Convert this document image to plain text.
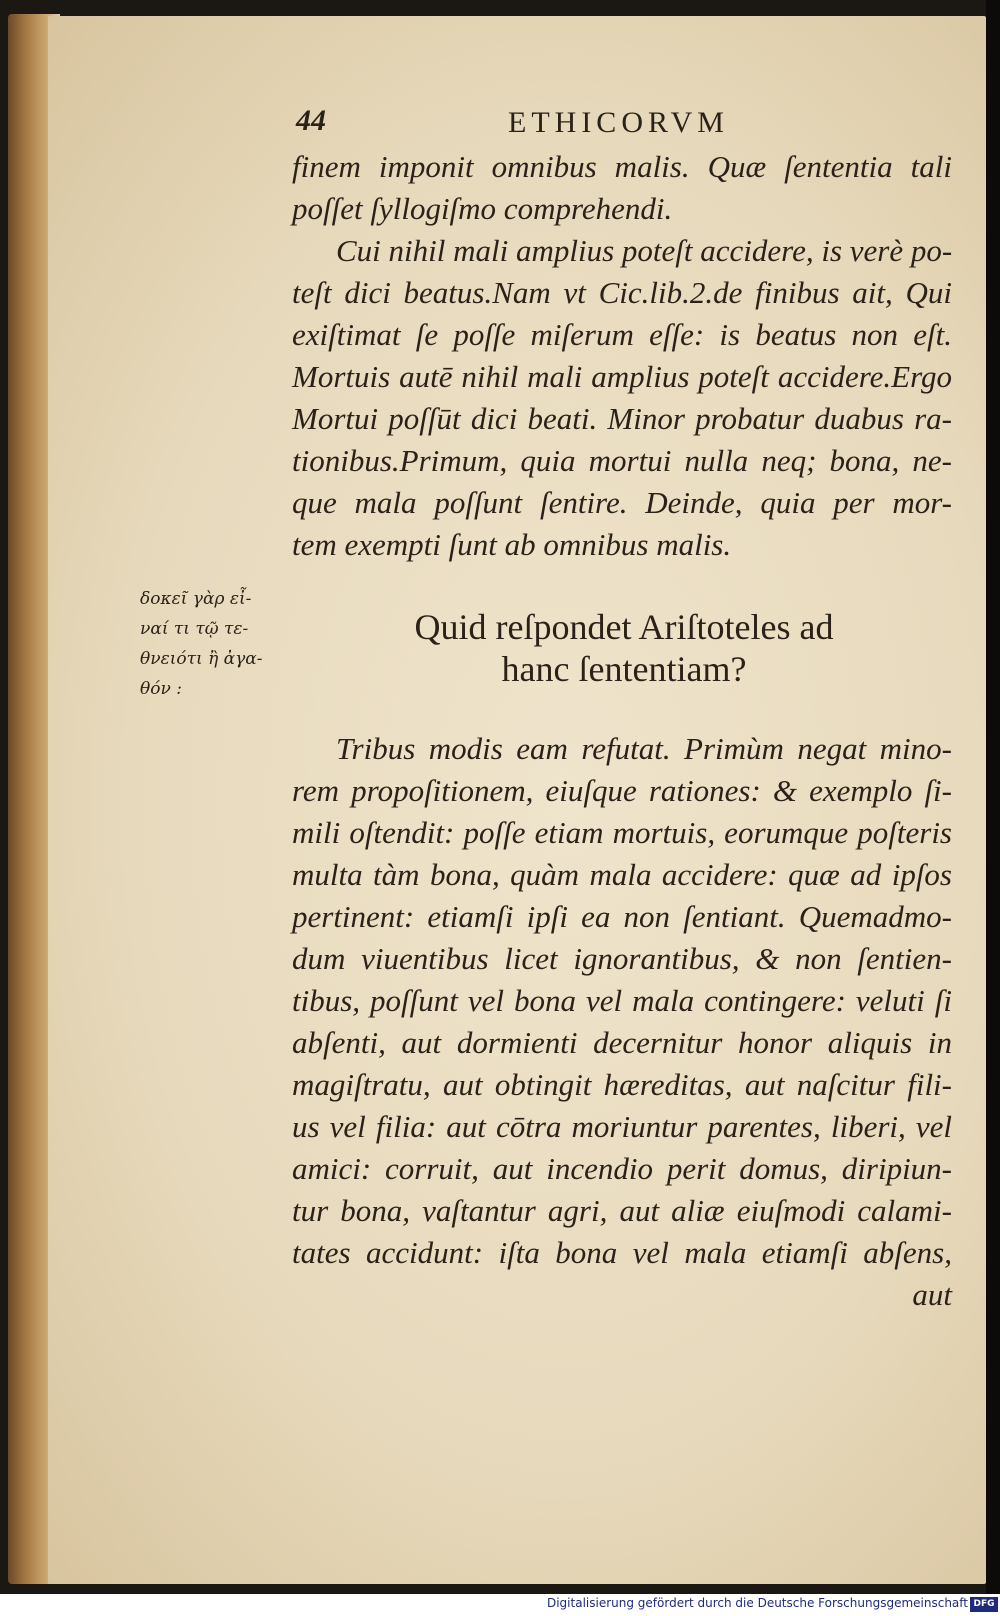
44	ETHICORVM
finem imponit omnibus malis. Quæ ſententia tali
poſſet ſyllogiſmo comprehendi.
Cui nihil mali amplius poteſt accidere, is verè po-
teſt dici beatus.Nam vt Cic.lib.2.de finibus ait, Qui
exiſtimat ſe poſſe miſerum eſſe: is beatus non eſt.
Mortuis autē nihil mali amplius poteſt accidere.Ergo
Mortui poſſūt dici beati. Minor probatur duabus ra-
tionibus.Primum, quia mortui nulla neq; bona, ne-
que mala poſſunt ſentire. Deinde, quia per mor-
tem exempti ſunt ab omnibus malis.
δοκεῖ γὰρ εἶ-
ναί τι τῷ τε-
θνειότι ἢ ἀγα-
θόν :
Quid reſpondet Ariſtoteles ad
hanc ſententiam?
Tribus modis eam refutat. Primùm negat mino-
rem propoſitionem, eiuſque rationes: & exemplo ſi-
mili oſtendit: poſſe etiam mortuis, eorumque poſteris
multa tàm bona, quàm mala accidere: quæ ad ipſos
pertinent: etiamſi ipſi ea non ſentiant. Quemadmo-
dum viuentibus licet ignorantibus, & non ſentien-
tibus, poſſunt vel bona vel mala contingere: veluti ſi
abſenti, aut dormienti decernitur honor aliquis in
magiſtratu, aut obtingit hæreditas, aut naſcitur fili-
us vel filia: aut cōtra moriuntur parentes, liberi, vel
amici: corruit, aut incendio perit domus, diripiun-
tur bona, vaſtantur agri, aut aliæ eiuſmodi calami-
tates accidunt: iſta bona vel mala etiamſi abſens,
aut
Digitalisierung gefördert durch die Deutsche Forschungsgemeinschaft DFG
